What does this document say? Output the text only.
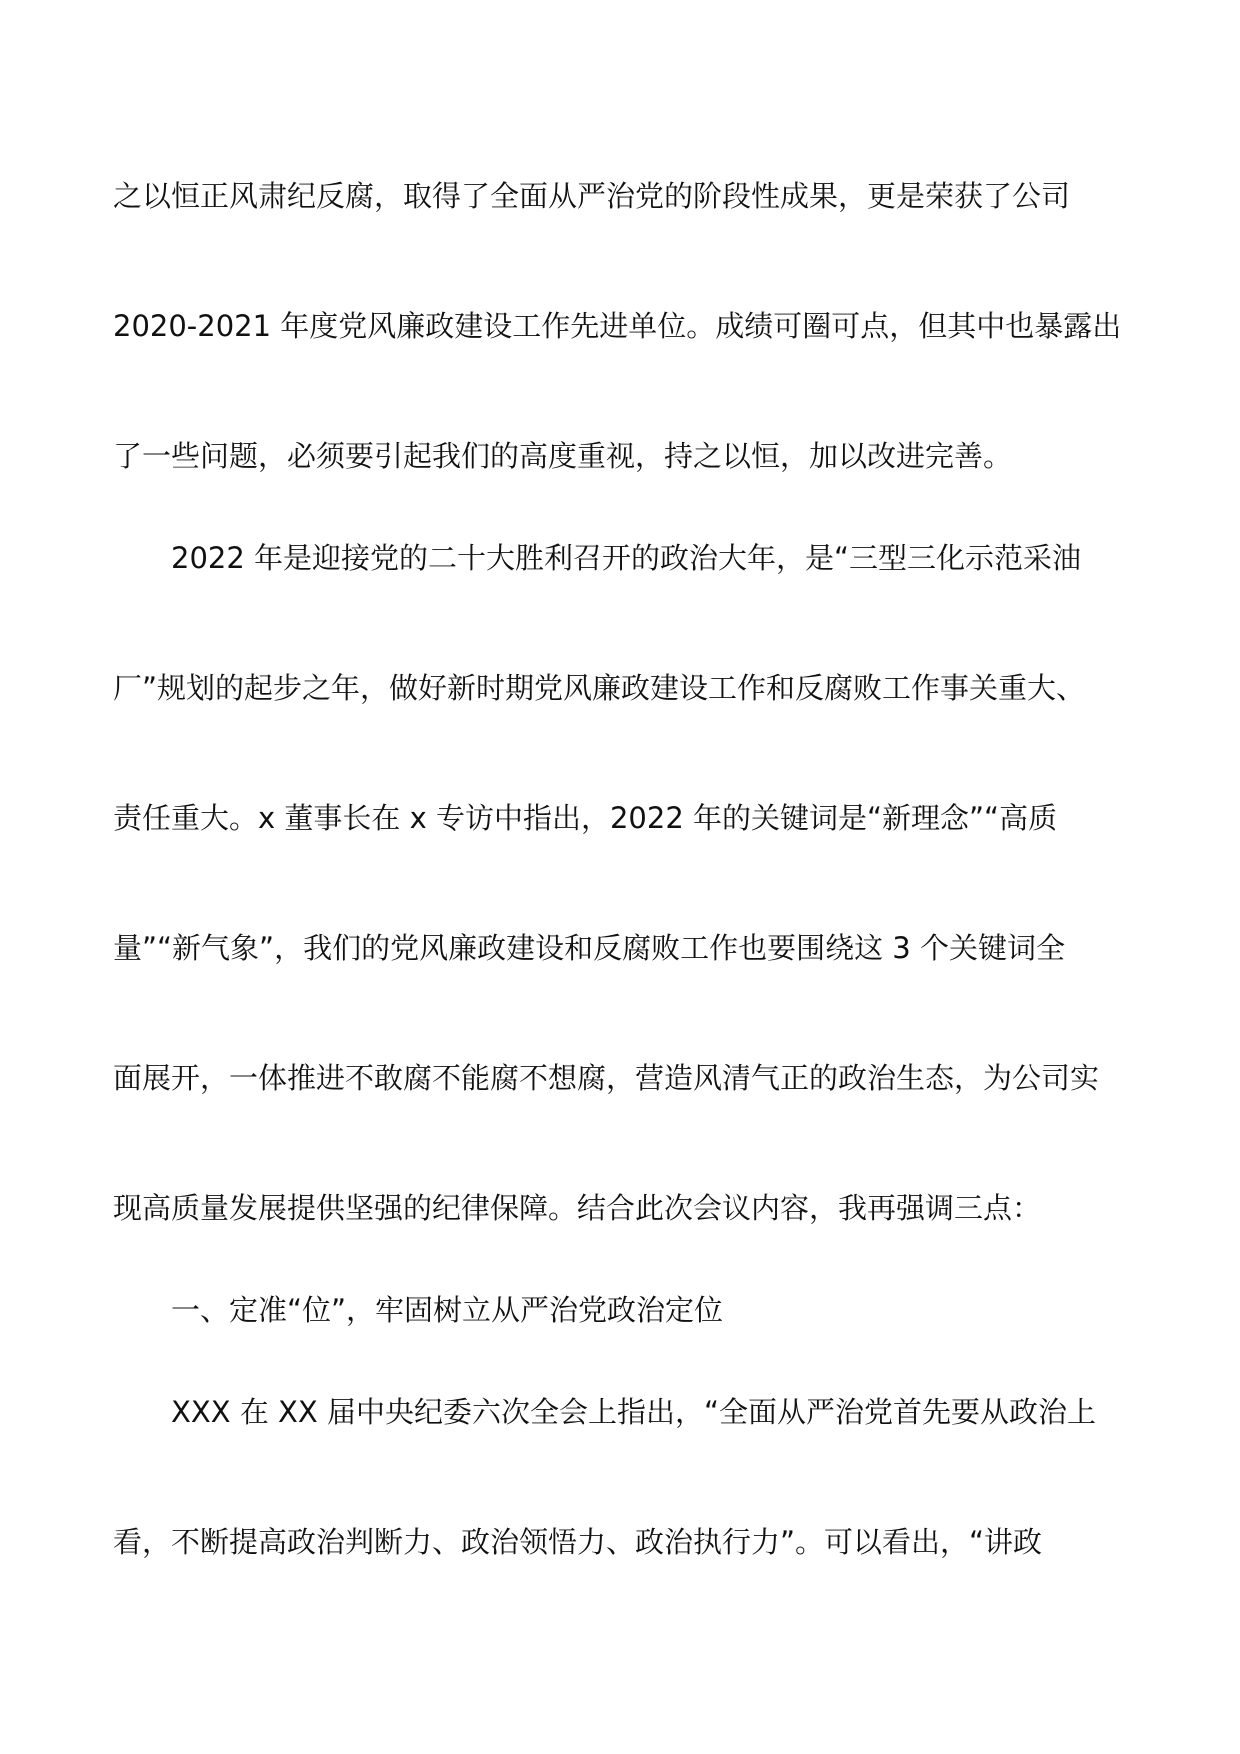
之以恒正风肃纪反腐，取得了全面从严治党的阶段性成果，更是荣获了公司
2020-2021 年度党风廉政建设工作先进单位。成绩可圈可点，但其中也暴露出
了一些问题，必须要引起我们的高度重视，持之以恒，加以改进完善。
2022 年是迎接党的二十大胜利召开的政治大年，是“三型三化示范采油
厂”规划的起步之年，做好新时期党风廉政建设工作和反腐败工作事关重大、
责任重大。x 董事长在 x 专访中指出，2022 年的关键词是“新理念”“高质
量”“新气象”，我们的党风廉政建设和反腐败工作也要围绕这 3 个关键词全
面展开，一体推进不敢腐不能腐不想腐，营造风清气正的政治生态，为公司实
现高质量发展提供坚强的纪律保障。结合此次会议内容，我再强调三点：
一、定准“位”，牢固树立从严治党政治定位
XXX 在 XX 届中央纪委六次全会上指出，“全面从严治党首先要从政治上
看，不断提高政治判断力、政治领悟力、政治执行力”。可以看出，“讲政
